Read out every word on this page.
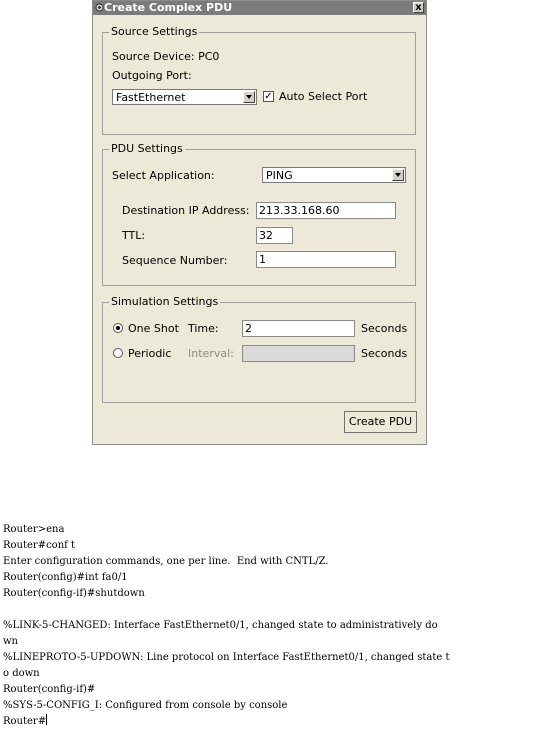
Create Complex PDU	x
Source Settings
Source Device: PC0
Outgoing Port:
FastEthernet	✓ Auto Select Port
PDU Settings
Select Application:	PING
Destination IP Address:
213.33.168.60
TTL:
32
Sequence Number:
1
Simulation Settings
One Shot Time:
2	Seconds
Periodic Interval:	Seconds
Create PDU
Router>ena
Router#conf t
Enter configuration commands, one per line.  End with CNTL/Z.
Router(config)#int fa0/1
Router(config-if)#shutdown
%LINK-5-CHANGED: Interface FastEthernet0/1, changed state to administratively do
wn
%LINEPROTO-5-UPDOWN: Line protocol on Interface FastEthernet0/1, changed state t
o down
Router(config-if)#
%SYS-5-CONFIG_I: Configured from console by console
Router#
